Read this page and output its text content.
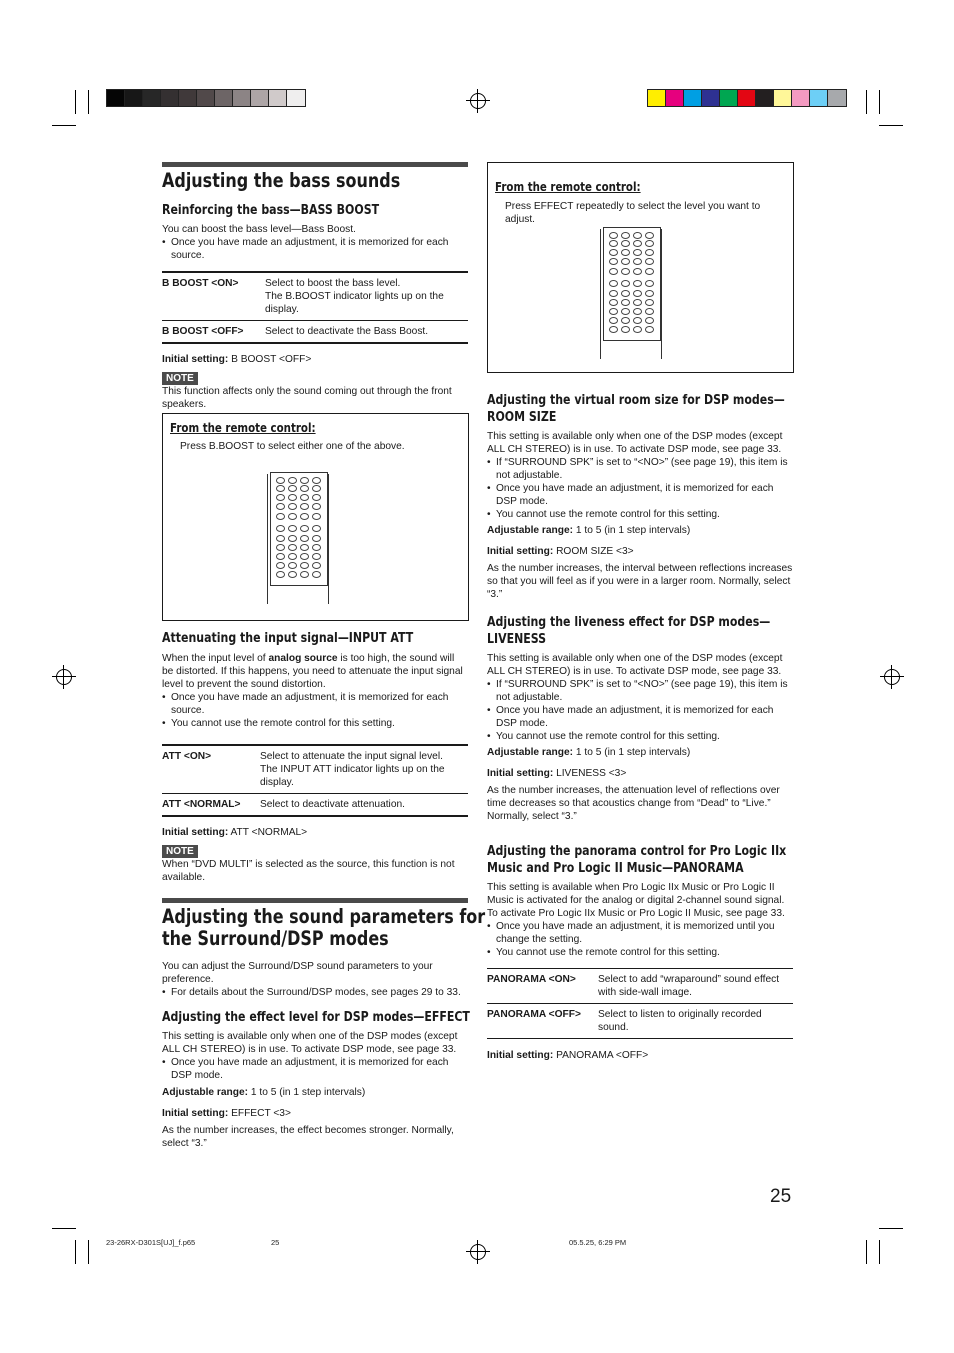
Adjusting the bass sounds

Reinforcing the bass—BASS BOOST

You can boost the bass level—Bass Boost.

• Once you have made an adjustment, it is memorized for each source.

B BOOST <ON>	Select to boost the bass level.
The B.BOOST indicator lights up on the display.
B BOOST <OFF>	Select to deactivate the Bass Boost.

Initial setting: B BOOST <OFF>

NOTE

This function affects only the sound coming out through the front speakers.

From the remote control:

Press B.BOOST to select either one of the above.

Attenuating the input signal—INPUT ATT

When the input level of analog source is too high, the sound will be distorted. If this happens, you need to attenuate the input signal level to prevent the sound distortion.

• Once you have made an adjustment, it is memorized for each source.

• You cannot use the remote control for this setting.

ATT <ON>	Select to attenuate the input signal level.
The INPUT ATT indicator lights up on the display.
ATT <NORMAL>	Select to deactivate attenuation.

Initial setting: ATT <NORMAL>

NOTE

When “DVD MULTI” is selected as the source, this function is not available.

Adjusting the sound parameters for

the Surround/DSP modes

You can adjust the Surround/DSP sound parameters to your preference.

• For details about the Surround/DSP modes, see pages 29 to 33.

Adjusting the effect level for DSP modes—EFFECT

This setting is available only when one of the DSP modes (except ALL CH STEREO) is in use. To activate DSP mode, see page 33.

• Once you have made an adjustment, it is memorized for each DSP mode.

Adjustable range: 1 to 5 (in 1 step intervals)

Initial setting: EFFECT <3>

As the number increases, the effect becomes stronger. Normally, select “3.”

From the remote control:

Press EFFECT repeatedly to select the level you want to adjust.

Adjusting the virtual room size for DSP modes—

ROOM SIZE

This setting is available only when one of the DSP modes (except ALL CH STEREO) is in use. To activate DSP mode, see page 33.

• If “SURROUND SPK” is set to “<NO>” (see page 19), this item is not adjustable.

• Once you have made an adjustment, it is memorized for each DSP mode.

• You cannot use the remote control for this setting.

Adjustable range: 1 to 5 (in 1 step intervals)

Initial setting: ROOM SIZE <3>

As the number increases, the interval between reflections increases so that you will feel as if you were in a larger room. Normally, select “3.”

Adjusting the liveness effect for DSP modes—

LIVENESS

This setting is available only when one of the DSP modes (except ALL CH STEREO) is in use. To activate DSP mode, see page 33.

• If “SURROUND SPK” is set to “<NO>” (see page 19), this item is not adjustable.

• Once you have made an adjustment, it is memorized for each DSP mode.

• You cannot use the remote control for this setting.

Adjustable range: 1 to 5 (in 1 step intervals)

Initial setting: LIVENESS <3>

As the number increases, the attenuation level of reflections over time decreases so that acoustics change from “Dead” to “Live.” Normally, select “3.”

Adjusting the panorama control for Pro Logic IIx

Music and Pro Logic II Music—PANORAMA

This setting is available when Pro Logic IIx Music or Pro Logic II Music is activated for the analog or digital 2-channel sound signal. To activate Pro Logic IIx Music or Pro Logic II Music, see page 33.

• Once you have made an adjustment, it is memorized until you change the setting.

• You cannot use the remote control for this setting.

PANORAMA <ON>	Select to add “wraparound” sound effect with side-wall image.
PANORAMA <OFF>	Select to listen to originally recorded sound.

Initial setting: PANORAMA <OFF>

25
23-26RX-D301S[UJ]_f.p65	25	05.5.25, 6:29 PM
